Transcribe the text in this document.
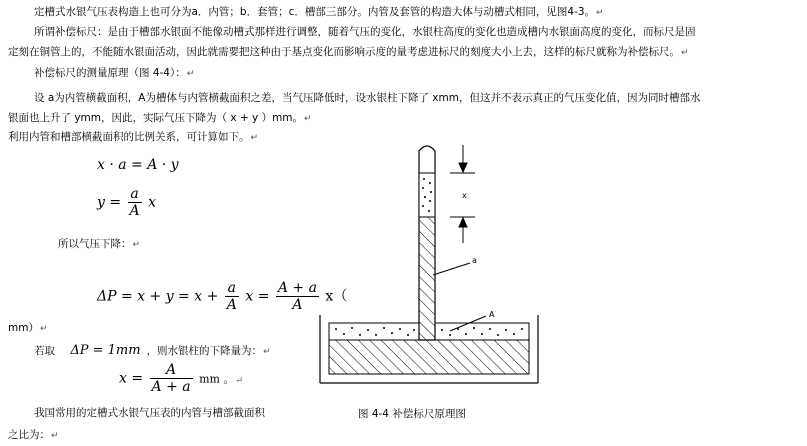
定槽式水银气压表构造上也可分为a．内管；b．套管；c．槽部三部分。内管及套管的构造大体与动槽式相同，见图4-3。↵
所谓补偿标尺：是由于槽部水银面不能像动槽式那样进行调整，随着气压的变化，水银柱高度的变化也造成槽内水银面高度的变化，而标尺是固
定刻在铜管上的，不能随水银面活动，因此就需要把这种由于基点变化而影响示度的量考虑进标尺的刻度大小上去，这样的标尺就称为补偿标尺。↵
补偿标尺的测量原理（图 4-4）：↵
设 a为内管横截面积，A为槽体与内管横截面积之差，当气压降低时，设水银柱下降了 xmm，但这并不表示真正的气压变化值，因为同时槽部水
银面也上升了 ymm，因此，实际气压下降为（ x + y ）mm。↵
利用内管和槽部横截面积的比例关系，可计算如下。↵
x · a = A · y
$y = \frac{a}{A}$ x
所以气压下降：↵
$\Delta P = x + y = x + \frac{a}{A}$ $x = \frac{A + a}{A} x$（
mm）↵
若取 ΔP = 1mm ，则水银柱的下降量为：↵
$x = \frac{A}{A + a}$ mm 。↵
我国常用的定槽式水银气压表的内管与槽部截面积
之比为：↵
x
a
A
图 4-4 补偿标尺原理图
